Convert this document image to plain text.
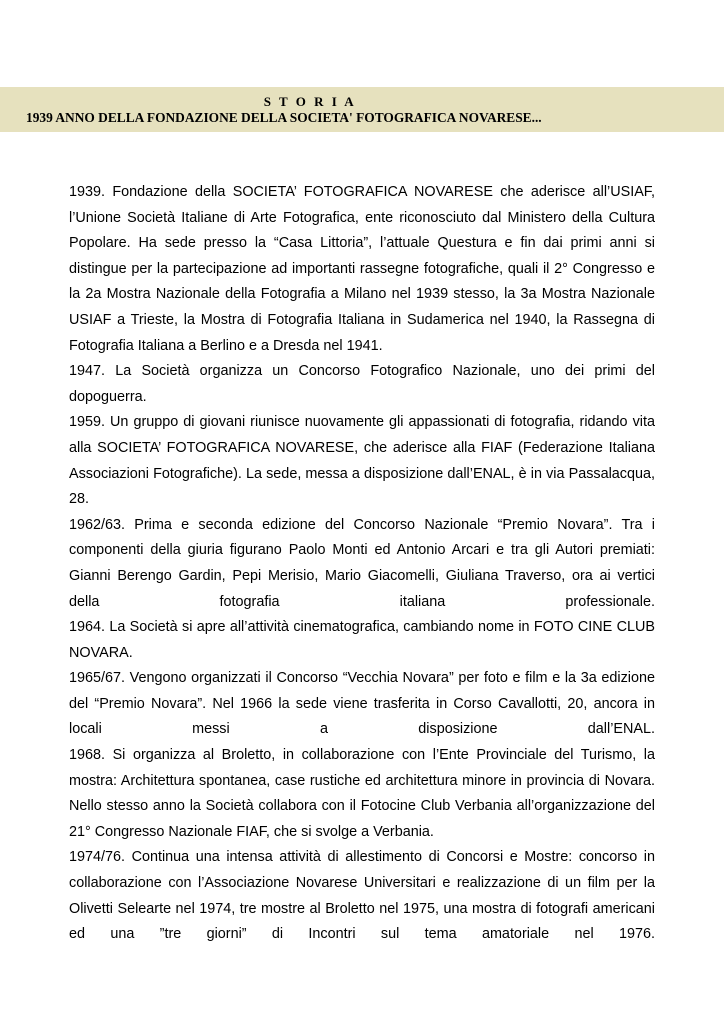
S T O R I A
1939 ANNO DELLA FONDAZIONE DELLA SOCIETA' FOTOGRAFICA NOVARESE...

1939. Fondazione della SOCIETA’ FOTOGRAFICA NOVARESE che aderisce all’USIAF, l’Unione Società Italiane di Arte Fotografica, ente riconosciuto dal Ministero della Cultura Popolare. Ha sede presso la “Casa Littoria”, l’attuale Questura e fin dai primi anni si distingue per la partecipazione ad importanti rassegne fotografiche, quali il 2° Congresso e la 2a Mostra Nazionale della Fotografia a Milano nel 1939 stesso, la 3a Mostra Nazionale USIAF a Trieste, la Mostra di Fotografia Italiana in Sudamerica nel 1940, la Rassegna di Fotografia Italiana a Berlino e a Dresda nel 1941.

1947. La Società organizza un Concorso Fotografico Nazionale, uno dei primi del dopoguerra.

1959. Un gruppo di giovani riunisce nuovamente gli appassionati di fotografia, ridando vita alla SOCIETA’ FOTOGRAFICA NOVARESE, che aderisce alla FIAF (Federazione Italiana Associazioni Fotografiche). La sede, messa a disposizione dall’ENAL, è in via Passalacqua, 28.

1962/63. Prima e seconda edizione del Concorso Nazionale “Premio Novara”. Tra i componenti della giuria figurano Paolo Monti ed Antonio Arcari e tra gli Autori premiati: Gianni Berengo Gardin, Pepi Merisio, Mario Giacomelli, Giuliana Traverso, ora ai vertici della fotografia italiana professionale.

1964. La Società si apre all’attività cinematografica, cambiando nome in FOTO CINE CLUB NOVARA.

1965/67. Vengono organizzati il Concorso “Vecchia Novara” per foto e film e la 3a edizione del “Premio Novara”. Nel 1966 la sede viene trasferita in Corso Cavallotti, 20, ancora in locali messi a disposizione dall’ENAL.

1968. Si organizza al Broletto, in collaborazione con l’Ente Provinciale del Turismo, la mostra: Architettura spontanea, case rustiche ed architettura minore in provincia di Novara. Nello stesso anno la Società collabora con il Fotocine Club Verbania all’organizzazione del 21° Congresso Nazionale FIAF, che si svolge a Verbania.

1974/76. Continua una intensa attività di allestimento di Concorsi e Mostre: concorso in collaborazione con l’Associazione Novarese Universitari e realizzazione di un film per la Olivetti Selearte nel 1974, tre mostre al Broletto nel 1975, una mostra di fotografi americani ed una ”tre giorni” di Incontri sul tema amatoriale nel 1976.
